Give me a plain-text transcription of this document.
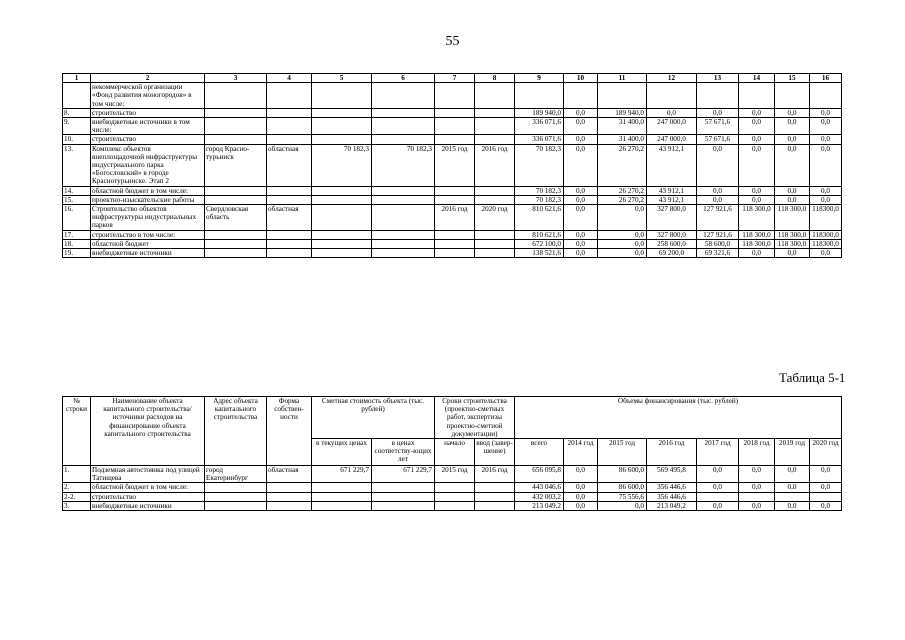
55
1	2	3	4	5	6	7	8	9	10	11	12	13	14	15	16
	некоммерческой организации «Фонд развития моногородов» в том числе:														
8.	строительство							189 940,0	0,0	189 940,0	0,0	0,0	0,0	0,0	0,0
9.	внебюджетные источники в том числе:							336 071,6	0,0	31 400,0	247 000,0	57 671,6	0,0	0,0	0,0
10.	строительство							336 071,6	0,0	31 400,0	247 000,0	57 671,6	0,0	0,0	0,0
13.	Комплекс объектов внеплощадочной инфраструктуры индустриального парка «Богословский» в городе Краснотурьинске. Этап 2	город Красно-турьинск	областная	70 182,3	70 182,3	2015 год	2016 год	70 182,3	0,0	26 270,2	43 912,1	0,0	0,0	0,0	0,0
14.	областной бюджет в том числе:							70 182,3	0,0	26 270,2	43 912,1	0,0	0,0	0,0	0,0
15.	проектно-изыскательские работы							70 182,3	0,0	26 270,2	43 912,1	0,0	0,0	0,0	0,0
16.	Строительство объектов инфраструктуры индустриальных парков	Свердловская область	областная			2016 год	2020 год	810 621,6	0,0	0,0	327 800,0	127 921,6	118 300,0	118 300,0	118300,0
17.	строительство в том числе:							810 621,6	0,0	0,0	327 800,0	127 921,6	118 300,0	118 300,0	118300,0
18.	областной бюджет							672 100,0	0,0	0,0	258 600,0	58 600,0	118 300,0	118 300,0	118300,0
19.	внебюджетные источники							138 521,6	0,0	0,0	69 200,0	69 321,6	0,0	0,0	0,0
Таблица 5-1
№ строки	Наименование объекта капитального строительства/ источники расходов на финансирование объекта капитального строительства	Адрес объекта капитального строительства	Форма собствен-ности	Сметная стоимость объекта (тыс. рублей)		Сроки строительства (проектно-сметных работ, экспертизы проектно-сметной документации)		Объемы финансирования (тыс. рублей)							
				в текущих ценах	в ценах соответству-ющих лет	начало	ввод (завер-шение)	всего	2014 год	2015 год	2016 год	2017 год	2018 год	2019 год	2020 год
1.	Подземная автостоянка под улицей Татищева	город Екатеринбург	областная	671 229,7	671 229,7	2015 год	2016 год	656 095,8	0,0	86 600,0	569 495,8	0,0	0,0	0,0	0,0
2.	областной бюджет в том числе:							443 046,6	0,0	86 600,0	356 446,6	0,0	0,0	0,0	0,0
2-2.	строительство							432 003,2	0,0	75 556,6	356 446,6				
3.	внебюджетные источники							213 049,2	0,0	0,0	213 049,2	0,0	0,0	0,0	0,0
